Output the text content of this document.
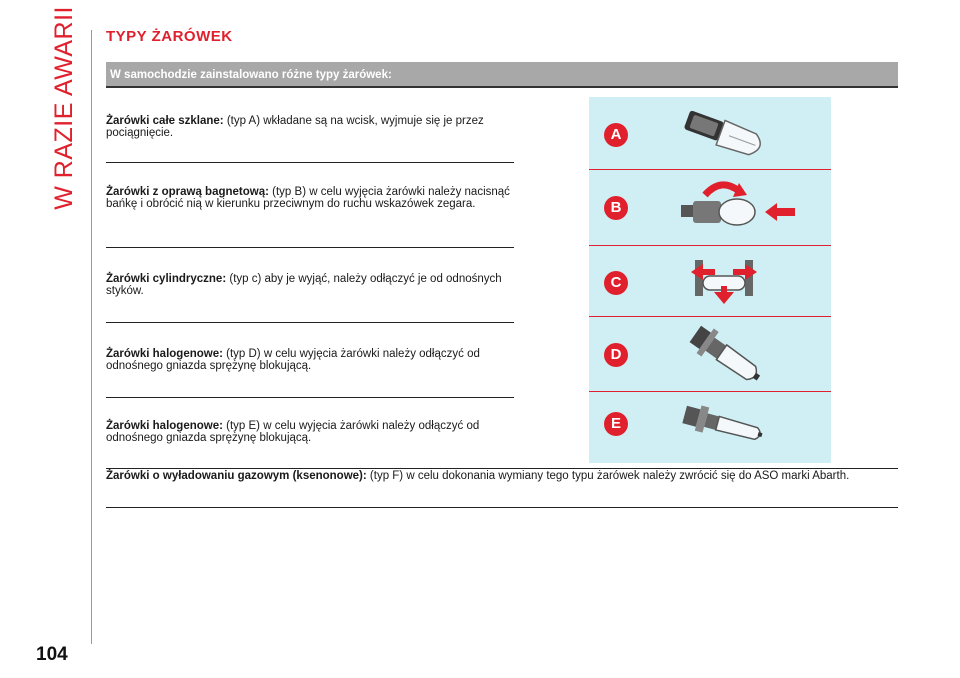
W RAZIE AWARII
104
TYPY ŻARÓWEK
W samochodzie zainstalowano różne typy żarówek:
Żarówki całe szklane: (typ A) wkładane są na wcisk, wyjmuje się je przez pociągnięcie.
Żarówki z oprawą bagnetową: (typ B) w celu wyjęcia żarówki należy nacisnąć bańkę i obrócić nią w kierunku przeciwnym do ruchu wskazówek zegara.
Żarówki cylindryczne: (typ c) aby je wyjąć, należy odłączyć je od odnośnych styków.
Żarówki halogenowe: (typ D) w celu wyjęcia żarówki należy odłączyć od odnośnego gniazda sprężynę blokującą.
Żarówki halogenowe: (typ E) w celu wyjęcia żarówki należy odłączyć od odnośnego gniazda sprężynę blokującą.
A
B
C
D
E
Żarówki o wyładowaniu gazowym (ksenonowe): (typ F) w celu dokonania wymiany tego typu żarówek należy zwrócić się do ASO marki Abarth.
